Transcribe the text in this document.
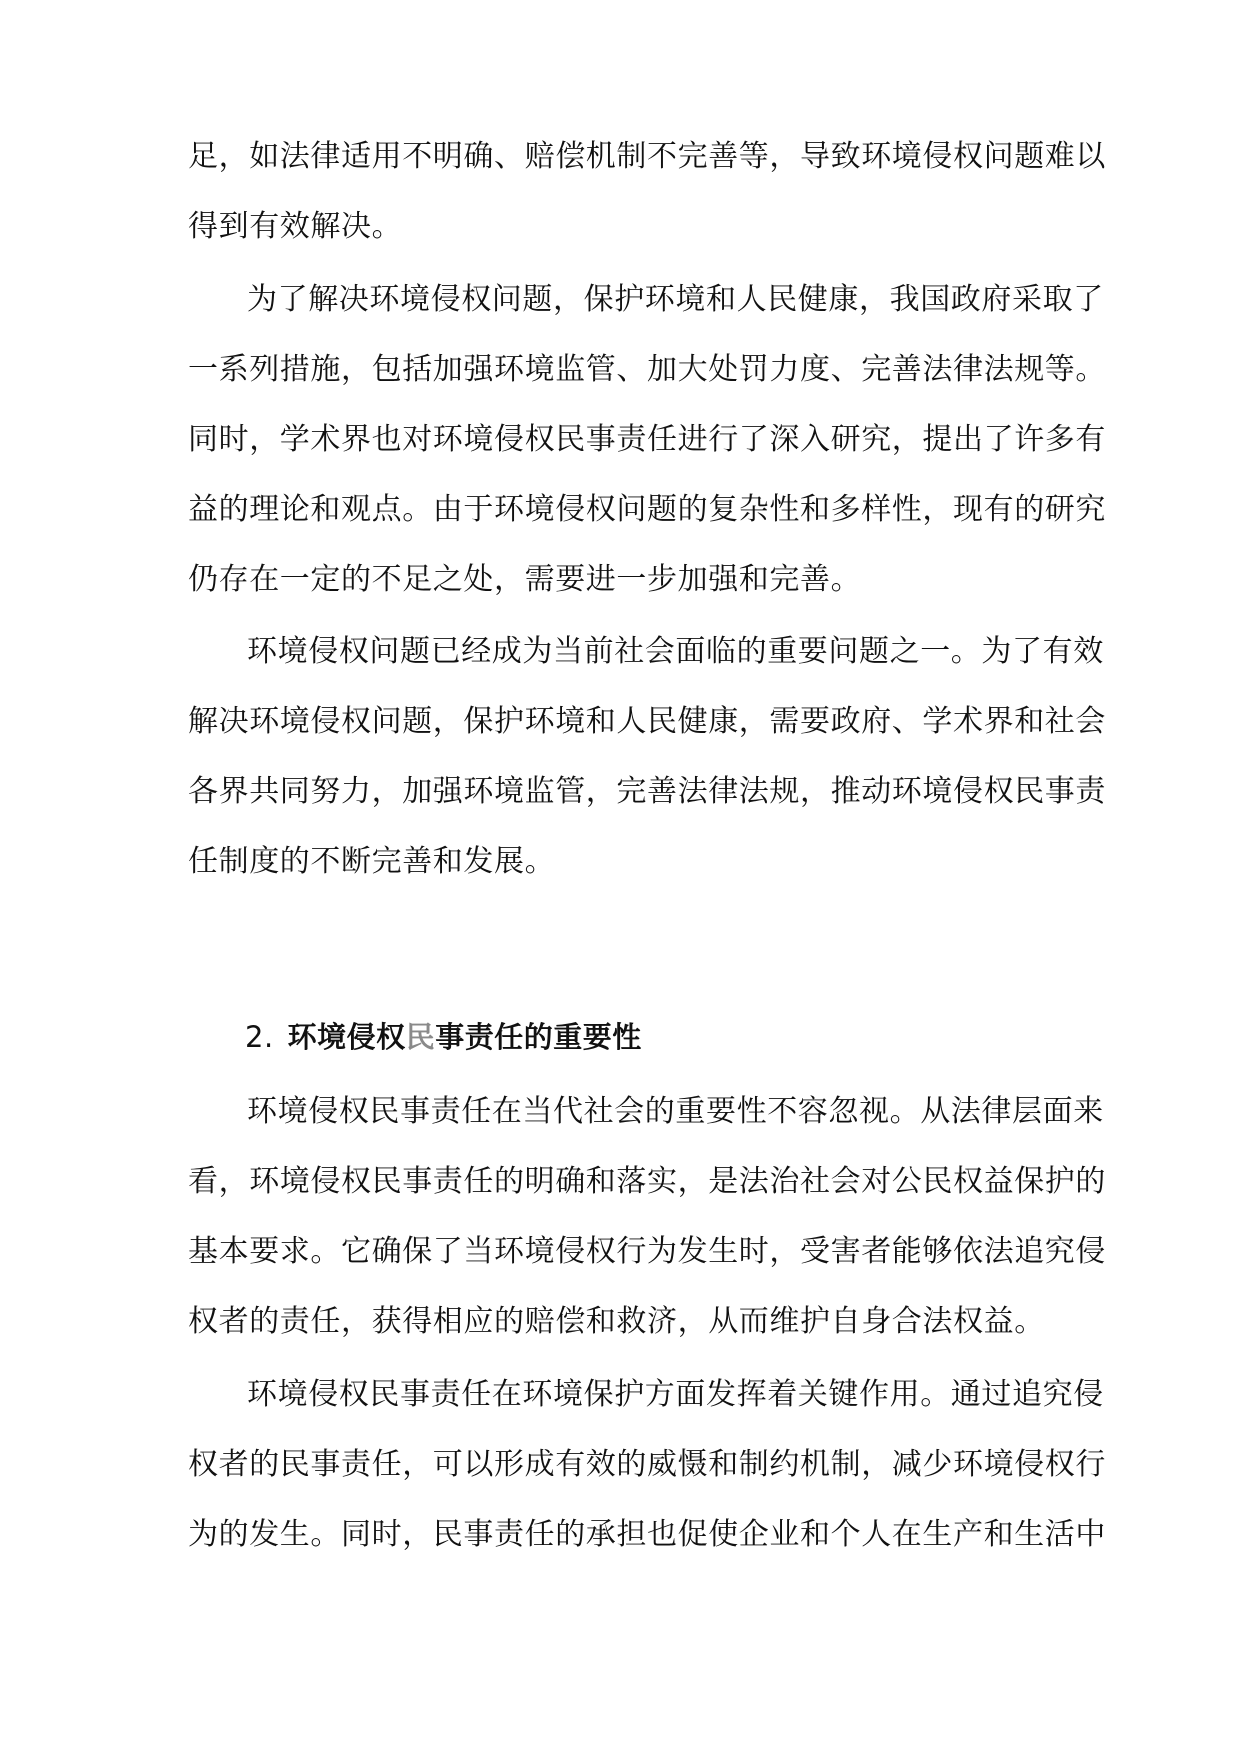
足，如法律适用不明确、赔偿机制不完善等，导致环境侵权问题难以
得到有效解决。
为了解决环境侵权问题，保护环境和人民健康，我国政府采取了
一系列措施，包括加强环境监管、加大处罚力度、完善法律法规等。
同时，学术界也对环境侵权民事责任进行了深入研究，提出了许多有
益的理论和观点。由于环境侵权问题的复杂性和多样性，现有的研究
仍存在一定的不足之处，需要进一步加强和完善。
环境侵权问题已经成为当前社会面临的重要问题之一。为了有效
解决环境侵权问题，保护环境和人民健康，需要政府、学术界和社会
各界共同努力，加强环境监管，完善法律法规，推动环境侵权民事责
任制度的不断完善和发展。
2. 环境侵权民事责任的重要性
环境侵权民事责任在当代社会的重要性不容忽视。从法律层面来
看，环境侵权民事责任的明确和落实，是法治社会对公民权益保护的
基本要求。它确保了当环境侵权行为发生时，受害者能够依法追究侵
权者的责任，获得相应的赔偿和救济，从而维护自身合法权益。
环境侵权民事责任在环境保护方面发挥着关键作用。通过追究侵
权者的民事责任，可以形成有效的威慑和制约机制，减少环境侵权行
为的发生。同时，民事责任的承担也促使企业和个人在生产和生活中
